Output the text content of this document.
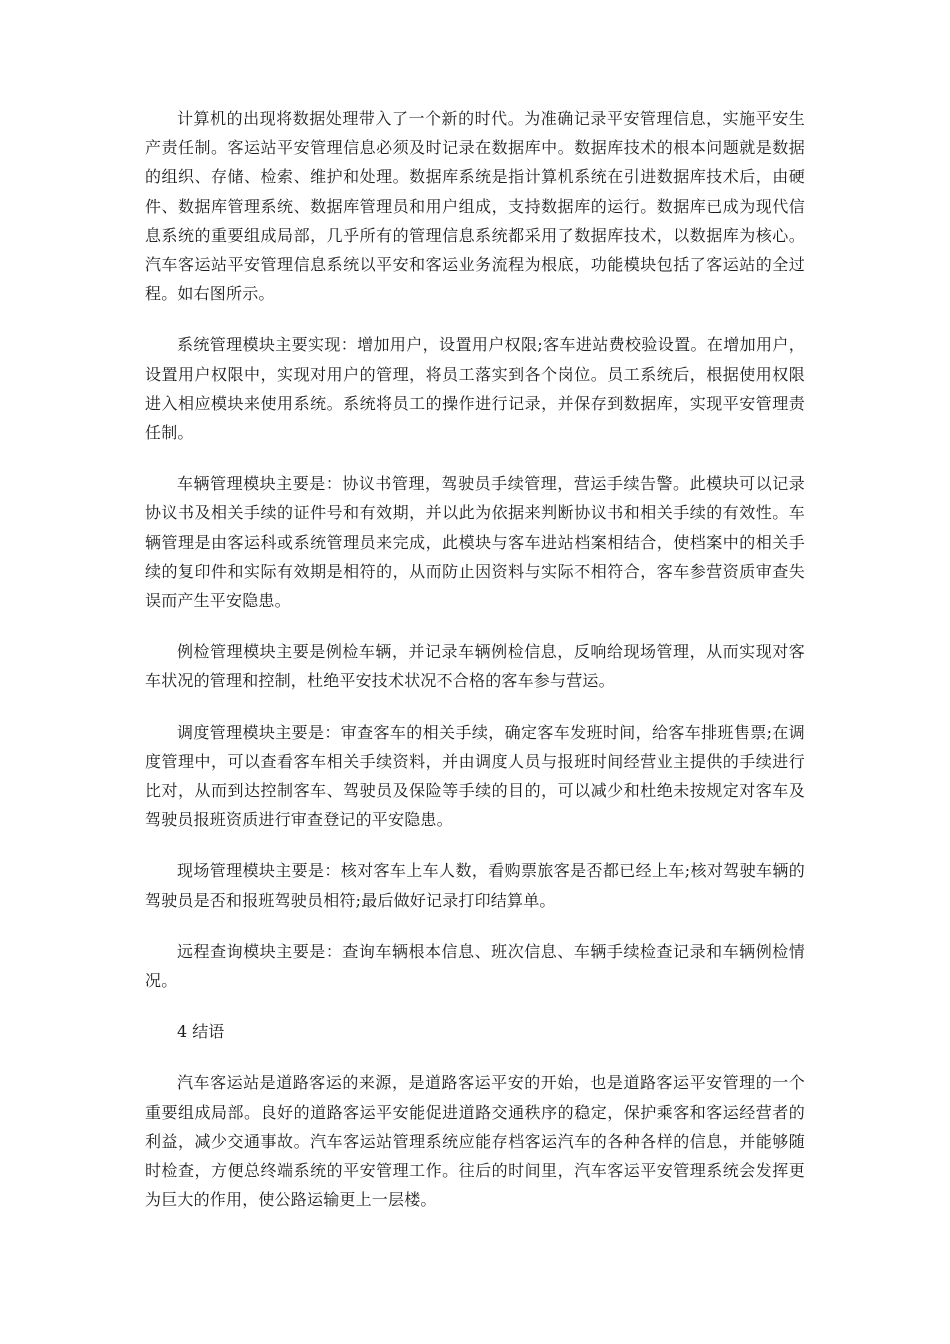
计算机的出现将数据处理带入了一个新的时代。为准确记录平安管理信息，实施平安生产责任制。客运站平安管理信息必须及时记录在数据库中。数据库技术的根本问题就是数据的组织、存储、检索、维护和处理。数据库系统是指计算机系统在引进数据库技术后，由硬件、数据库管理系统、数据库管理员和用户组成，支持数据库的运行。数据库已成为现代信息系统的重要组成局部，几乎所有的管理信息系统都采用了数据库技术，以数据库为核心。汽车客运站平安管理信息系统以平安和客运业务流程为根底，功能模块包括了客运站的全过程。如右图所示。

系统管理模块主要实现：增加用户，设置用户权限;客车进站费校验设置。在增加用户，设置用户权限中，实现对用户的管理，将员工落实到各个岗位。员工系统后，根据使用权限进入相应模块来使用系统。系统将员工的操作进行记录，并保存到数据库，实现平安管理责任制。

车辆管理模块主要是：协议书管理，驾驶员手续管理，营运手续告警。此模块可以记录协议书及相关手续的证件号和有效期，并以此为依据来判断协议书和相关手续的有效性。车辆管理是由客运科或系统管理员来完成，此模块与客车进站档案相结合，使档案中的相关手续的复印件和实际有效期是相符的，从而防止因资料与实际不相符合，客车参营资质审查失误而产生平安隐患。

例检管理模块主要是例检车辆，并记录车辆例检信息，反响给现场管理，从而实现对客车状况的管理和控制，杜绝平安技术状况不合格的客车参与营运。

调度管理模块主要是：审查客车的相关手续，确定客车发班时间，给客车排班售票;在调度管理中，可以查看客车相关手续资料，并由调度人员与报班时间经营业主提供的手续进行比对，从而到达控制客车、驾驶员及保险等手续的目的，可以减少和杜绝未按规定对客车及驾驶员报班资质进行审查登记的平安隐患。

现场管理模块主要是：核对客车上车人数，看购票旅客是否都已经上车;核对驾驶车辆的驾驶员是否和报班驾驶员相符;最后做好记录打印结算单。

远程查询模块主要是：查询车辆根本信息、班次信息、车辆手续检查记录和车辆例检情况。

4 结语

汽车客运站是道路客运的来源，是道路客运平安的开始，也是道路客运平安管理的一个重要组成局部。良好的道路客运平安能促进道路交通秩序的稳定，保护乘客和客运经营者的利益，减少交通事故。汽车客运站管理系统应能存档客运汽车的各种各样的信息，并能够随时检查，方便总终端系统的平安管理工作。往后的时间里，汽车客运平安管理系统会发挥更为巨大的作用，使公路运输更上一层楼。
